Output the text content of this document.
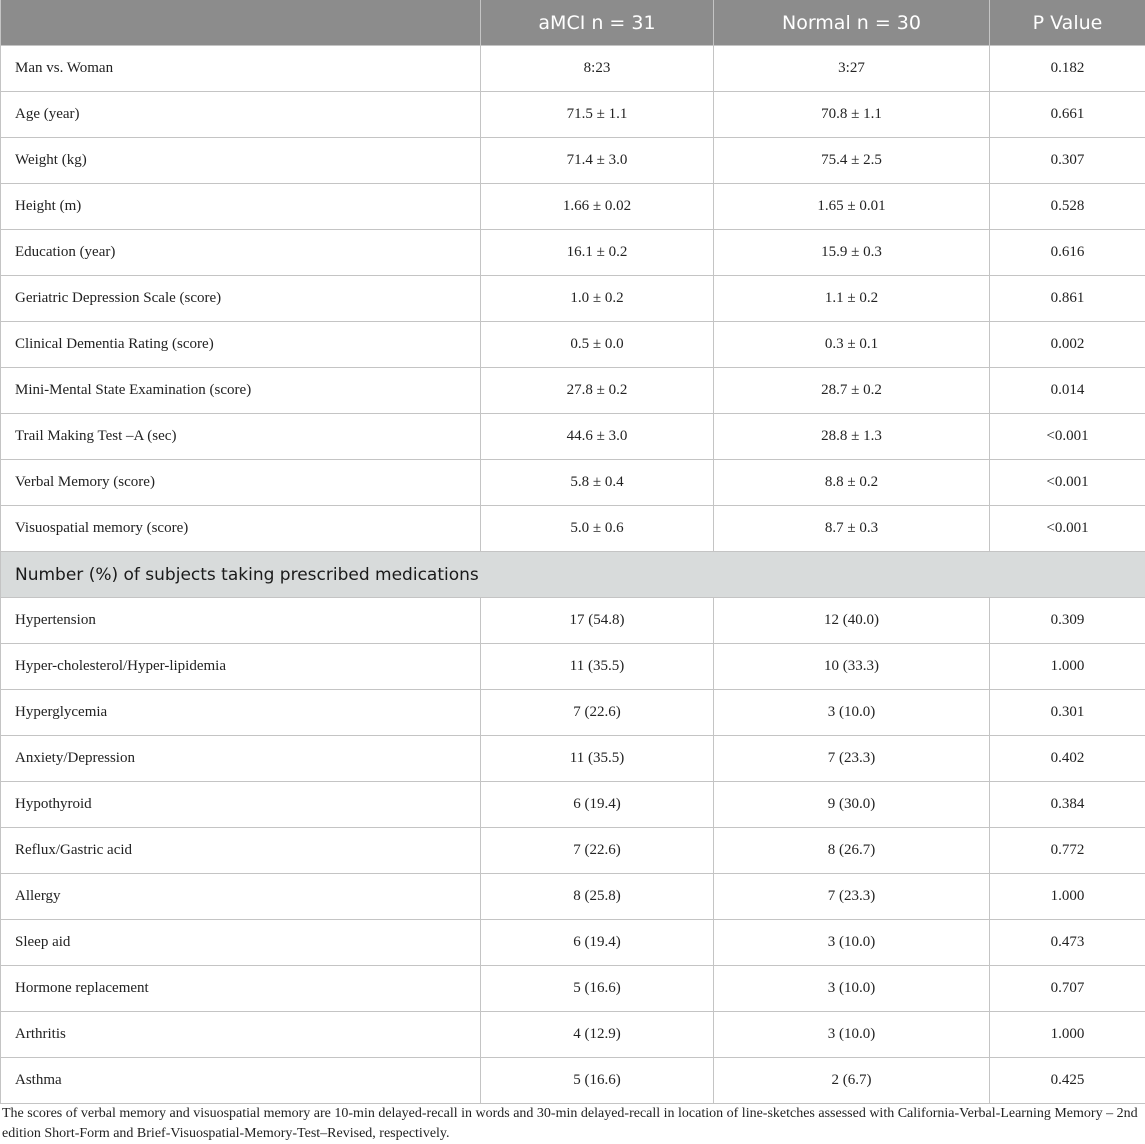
	aMCI n = 31	Normal n = 30	P Value
Man vs. Woman	8:23	3:27	0.182
Age (year)	71.5 ± 1.1	70.8 ± 1.1	0.661
Weight (kg)	71.4 ± 3.0	75.4 ± 2.5	0.307
Height (m)	1.66 ± 0.02	1.65 ± 0.01	0.528
Education (year)	16.1 ± 0.2	15.9 ± 0.3	0.616
Geriatric Depression Scale (score)	1.0 ± 0.2	1.1 ± 0.2	0.861
Clinical Dementia Rating (score)	0.5 ± 0.0	0.3 ± 0.1	0.002
Mini-Mental State Examination (score)	27.8 ± 0.2	28.7 ± 0.2	0.014
Trail Making Test –A (sec)	44.6 ± 3.0	28.8 ± 1.3	<0.001
Verbal Memory (score)	5.8 ± 0.4	8.8 ± 0.2	<0.001
Visuospatial memory (score)	5.0 ± 0.6	8.7 ± 0.3	<0.001
Number (%) of subjects taking prescribed medications			
Hypertension	17 (54.8)	12 (40.0)	0.309
Hyper-cholesterol/Hyper-lipidemia	11 (35.5)	10 (33.3)	1.000
Hyperglycemia	7 (22.6)	3 (10.0)	0.301
Anxiety/Depression	11 (35.5)	7 (23.3)	0.402
Hypothyroid	6 (19.4)	9 (30.0)	0.384
Reflux/Gastric acid	7 (22.6)	8 (26.7)	0.772
Allergy	8 (25.8)	7 (23.3)	1.000
Sleep aid	6 (19.4)	3 (10.0)	0.473
Hormone replacement	5 (16.6)	3 (10.0)	0.707
Arthritis	4 (12.9)	3 (10.0)	1.000
Asthma	5 (16.6)	2 (6.7)	0.425
The scores of verbal memory and visuospatial memory are 10-min delayed-recall in words and 30-min delayed-recall in location of line-sketches assessed with California-Verbal-Learning Memory – 2nd edition Short-Form and Brief-Visuospatial-Memory-Test–Revised, respectively.
